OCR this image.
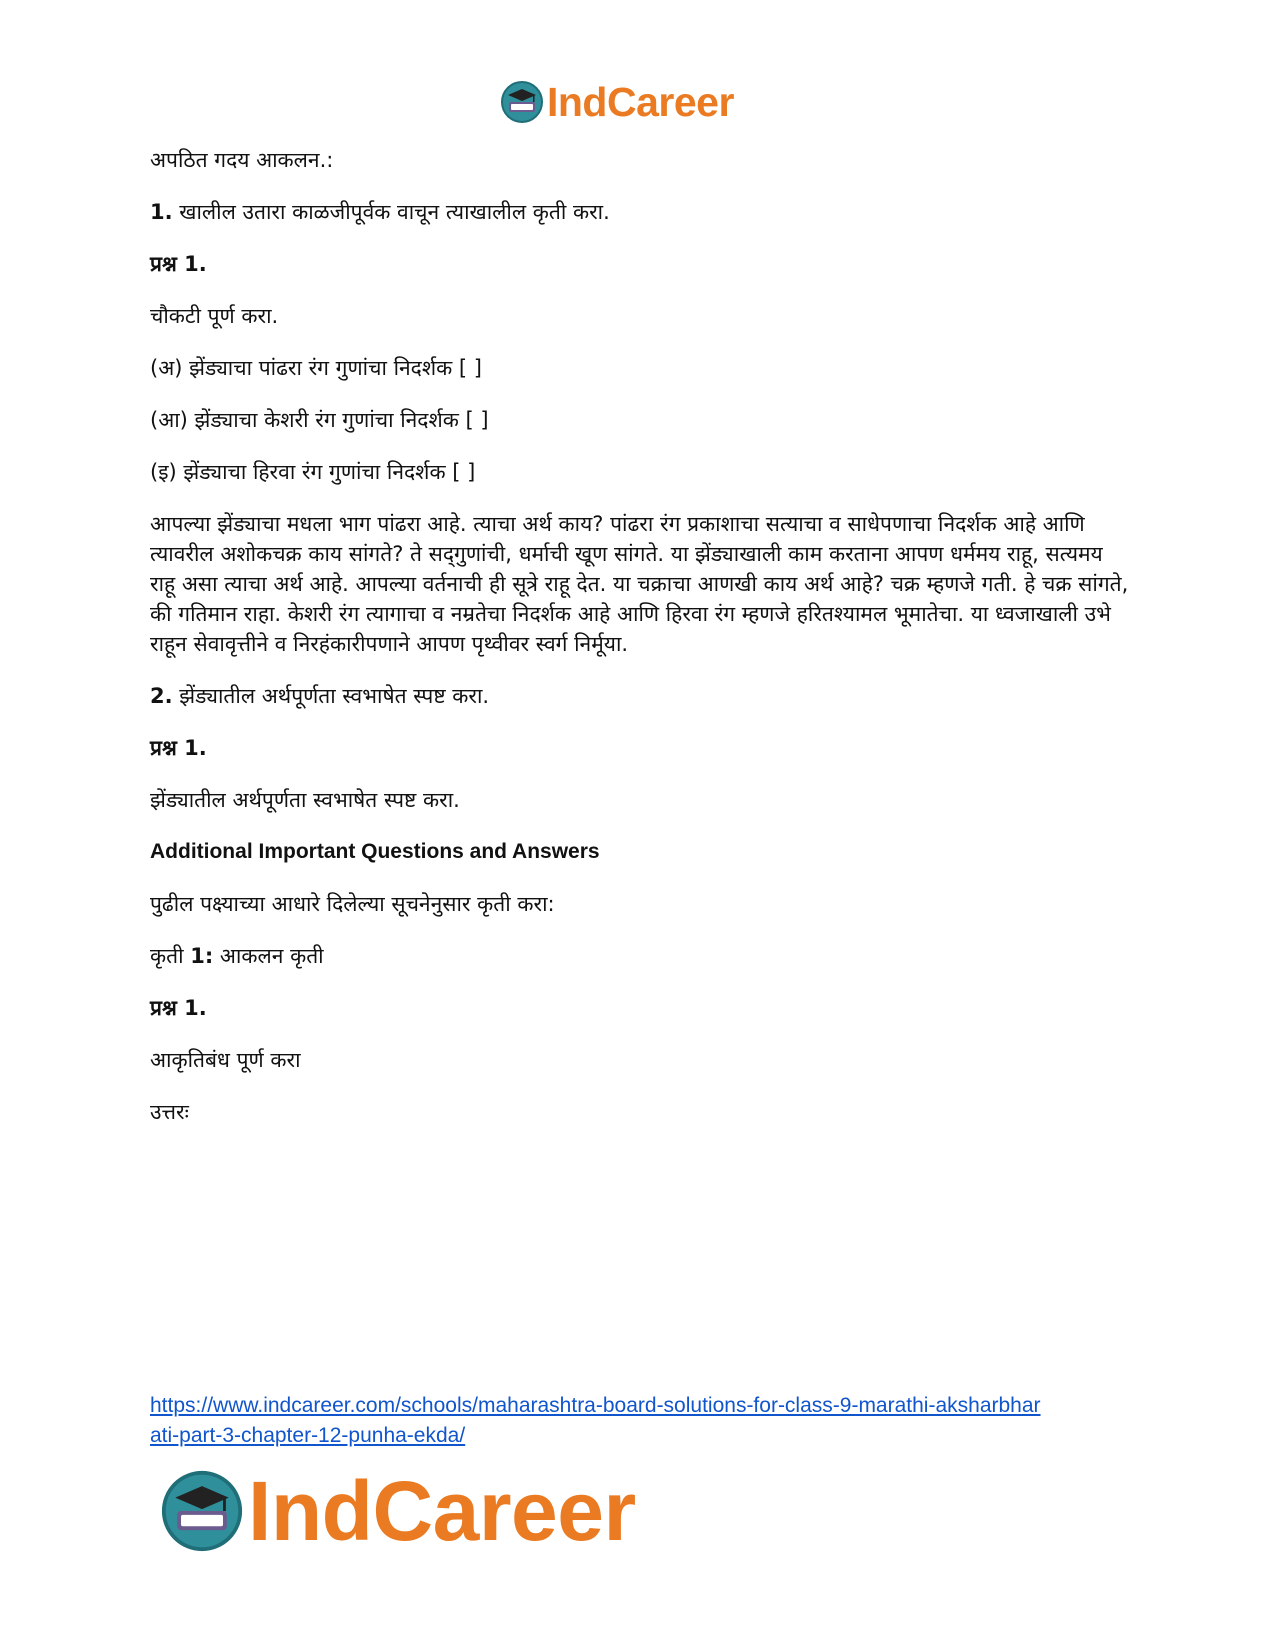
IndCareer
अपठित गदय आकलन.:
1. खालील उतारा काळजीपूर्वक वाचून त्याखालील कृती करा.
प्रश्न 1.
चौकटी पूर्ण करा.
(अ) झेंड्याचा पांढरा रंग गुणांचा निदर्शक [ ]
(आ) झेंड्याचा केशरी रंग गुणांचा निदर्शक [ ]
(इ) झेंड्याचा हिरवा रंग गुणांचा निदर्शक [ ]
आपल्या झेंड्याचा मधला भाग पांढरा आहे. त्याचा अर्थ काय? पांढरा रंग प्रकाशाचा सत्याचा व साधेपणाचा निदर्शक आहे आणि त्यावरील अशोकचक्र काय सांगते? ते सद्‌गुणांची, धर्माची खूण सांगते. या झेंड्याखाली काम करताना आपण धर्ममय राहू, सत्यमय राहू असा त्याचा अर्थ आहे. आपल्या वर्तनाची ही सूत्रे राहू देत. या चक्राचा आणखी काय अर्थ आहे? चक्र म्हणजे गती. हे चक्र सांगते, की गतिमान राहा. केशरी रंग त्यागाचा व नम्रतेचा निदर्शक आहे आणि हिरवा रंग म्हणजे हरितश्यामल भूमातेचा. या ध्वजाखाली उभे राहून सेवावृत्तीने व निरहंकारीपणाने आपण पृथ्वीवर स्वर्ग निर्मूया.
2. झेंड्यातील अर्थपूर्णता स्वभाषेत स्पष्ट करा.
प्रश्न 1.
झेंड्यातील अर्थपूर्णता स्वभाषेत स्पष्ट करा.
Additional Important Questions and Answers
पुढील पक्ष्याच्या आधारे दिलेल्या सूचनेनुसार कृती करा:
कृती 1: आकलन कृती
प्रश्न 1.
आकृतिबंध पूर्ण करा
उत्तरः
https://www.indcareer.com/schools/maharashtra-board-solutions-for-class-9-marathi-aksharbhar
ati-part-3-chapter-12-punha-ekda/
IndCareer
